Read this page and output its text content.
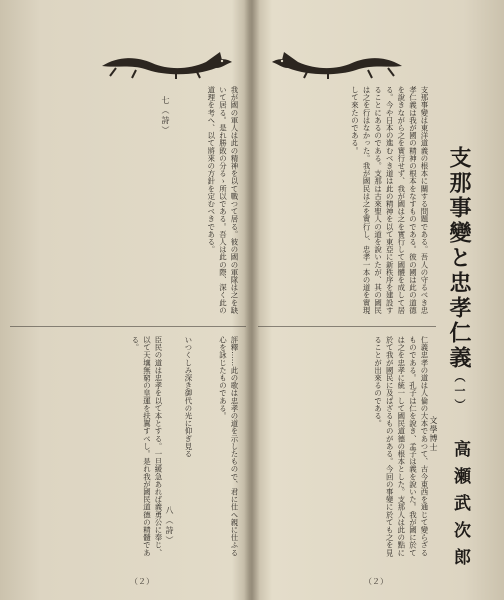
我が國の軍人は此の精神を以て戰つて居る。彼の國の軍隊は之を缺いて居る。是れ勝敗の分るゝ所以である。吾人は此の際、深く此の道理を考へ、以て將來の方針を定むべきである。
七（詩）
臣民の道は忠孝を以て本とする。一旦緩急あれば義勇公に奉じ、以て天壤無窮の皇運を扶翼すべし。是れ我が國民道德の精髓である。	いつくしみ深き御代の光に仰ぎ見る	評釋……此の歌は忠孝の道を示したもので、君に仕へ親に仕ふる心を詠じたものである。
八（詩）
（２）
支那事變は東洋道義の根本に關する問題である。吾人の守るべき忠孝仁義は我が國の精神の根本をなすものである。彼の國は此の道德を說きながら之を實行せず、我が國は之を實行して國體を成して居る。今や日本の進むべき道は此の精神を以て東亞に新秩序を建設することにあるのである。支那は古來聖人の道を說いたが、其の國民は之を行はなかった。我が國民は之を實行し、忠孝一本の道を實現して來たのである。
支那事變と忠孝仁義（一）
仁義忠孝の道は人倫の大本であつて、古今東西を通じて變らざるものである。孔子は仁を說き、孟子は義を說いた。我が國に於ては之を忠孝に統一して國民道德の根本とした。支那人は此の點に於て我が國民に及ばざるものがある。今回の事變に於ても之を見ることが出來るのである。
文學博士
高瀬武次郎
（２）
